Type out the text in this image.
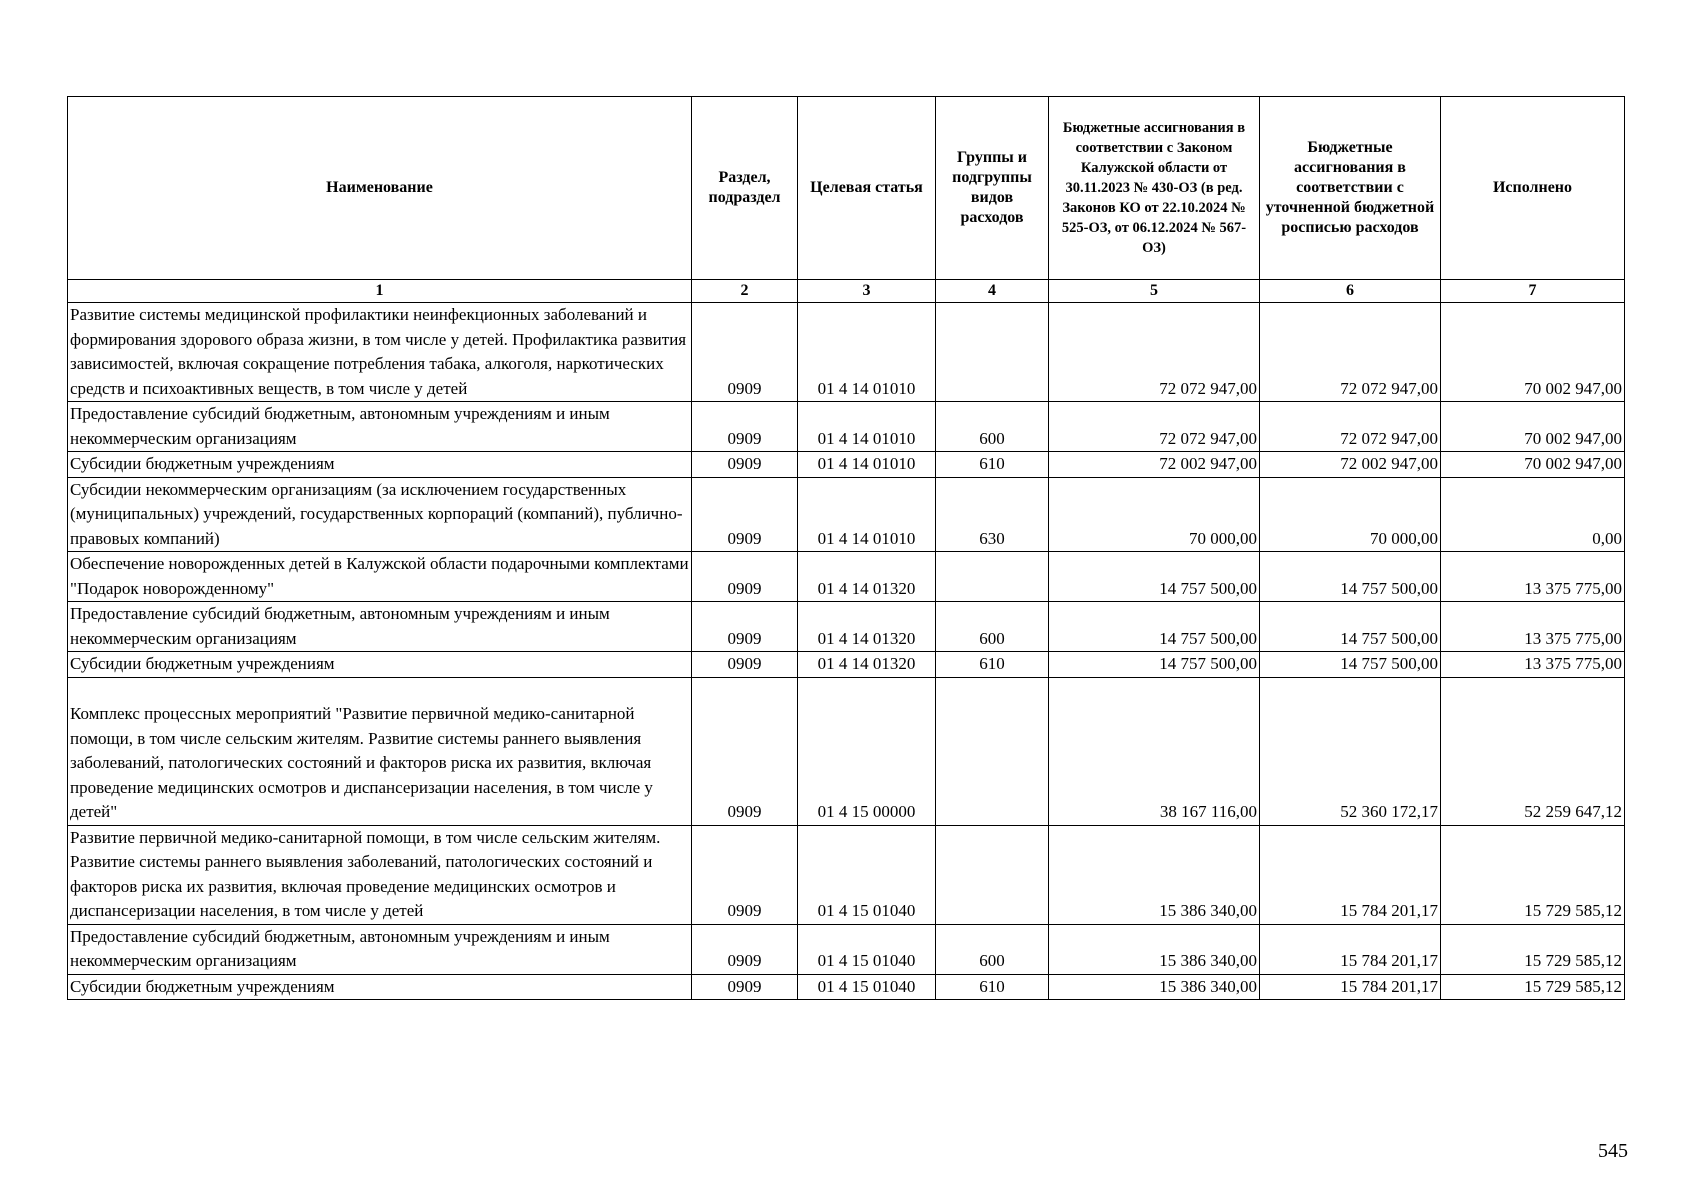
Наименование	Раздел, подраздел	Целевая статья	Группы и подгруппы видов расходов	Бюджетные ассигнования в соответствии с Законом Калужской области от 30.11.2023 № 430-ОЗ (в ред. Законов КО от 22.10.2024 № 525-ОЗ, от 06.12.2024 № 567-ОЗ)	Бюджетные ассигнования в соответствии с уточненной бюджетной росписью расходов	Исполнено
1	2	3	4	5	6	7
Развитие системы медицинской профилактики неинфекционных заболеваний и формирования здорового образа жизни, в том числе у детей. Профилактика развития зависимостей, включая сокращение потребления табака, алкоголя, наркотических средств и психоактивных веществ, в том числе у детей	0909	01 4 14 01010		72 072 947,00	72 072 947,00	70 002 947,00
Предоставление субсидий бюджетным, автономным учреждениям и иным некоммерческим организациям	0909	01 4 14 01010	600	72 072 947,00	72 072 947,00	70 002 947,00
Субсидии бюджетным учреждениям	0909	01 4 14 01010	610	72 002 947,00	72 002 947,00	70 002 947,00
Субсидии некоммерческим организациям (за исключением государственных (муниципальных) учреждений, государственных корпораций (компаний), публично-правовых компаний)	0909	01 4 14 01010	630	70 000,00	70 000,00	0,00
Обеспечение новорожденных детей в Калужской области подарочными комплектами "Подарок новорожденному"	0909	01 4 14 01320		14 757 500,00	14 757 500,00	13 375 775,00
Предоставление субсидий бюджетным, автономным учреждениям и иным некоммерческим организациям	0909	01 4 14 01320	600	14 757 500,00	14 757 500,00	13 375 775,00
Субсидии бюджетным учреждениям	0909	01 4 14 01320	610	14 757 500,00	14 757 500,00	13 375 775,00
Комплекс процессных мероприятий "Развитие первичной медико-санитарной помощи, в том числе сельским жителям. Развитие системы раннего выявления заболеваний, патологических состояний и факторов риска их развития, включая проведение медицинских осмотров и диспансеризации населения, в том числе у детей"	0909	01 4 15 00000		38 167 116,00	52 360 172,17	52 259 647,12
Развитие первичной медико-санитарной помощи, в том числе сельским жителям. Развитие системы раннего выявления заболеваний, патологических состояний и факторов риска их развития, включая проведение медицинских осмотров и диспансеризации населения, в том числе у детей	0909	01 4 15 01040		15 386 340,00	15 784 201,17	15 729 585,12
Предоставление субсидий бюджетным, автономным учреждениям и иным некоммерческим организациям	0909	01 4 15 01040	600	15 386 340,00	15 784 201,17	15 729 585,12
Субсидии бюджетным учреждениям	0909	01 4 15 01040	610	15 386 340,00	15 784 201,17	15 729 585,12
545
